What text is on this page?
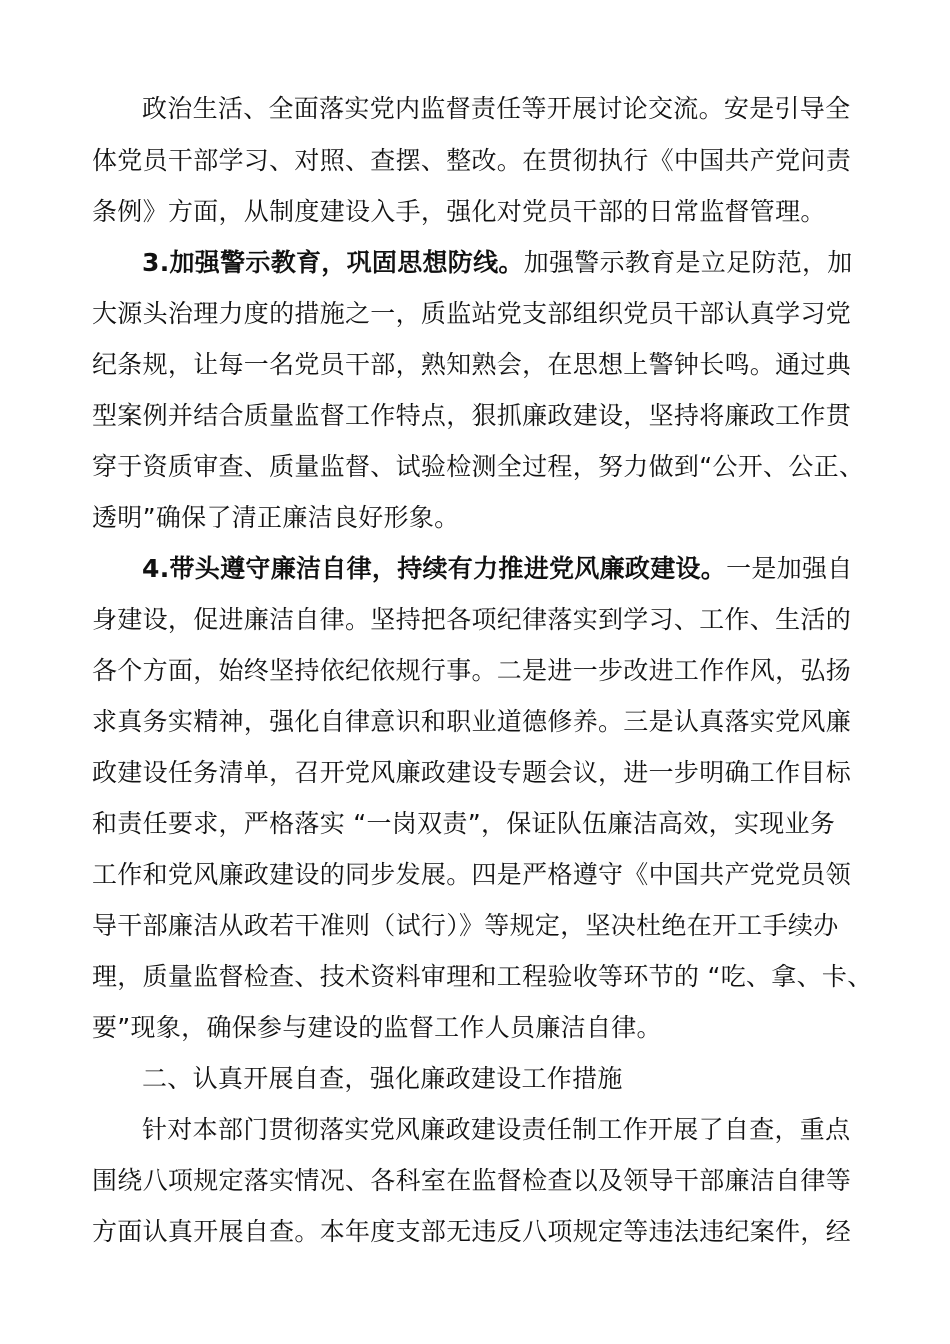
政治生活、全面落实党内监督责任等开展讨论交流。安是引导全
体党员干部学习、对照、查摆、整改。在贯彻执行《中国共产党问责
条例》方面，从制度建设入手，强化对党员干部的日常监督管理。
3.加强警示教育，巩固思想防线。加强警示教育是立足防范，加
大源头治理力度的措施之一，质监站党支部组织党员干部认真学习党
纪条规，让每一名党员干部，熟知熟会，在思想上警钟长鸣。通过典
型案例并结合质量监督工作特点，狠抓廉政建设，坚持将廉政工作贯
穿于资质审查、质量监督、试验检测全过程，努力做到“公开、公正、
透明”确保了清正廉洁良好形象。
4.带头遵守廉洁自律，持续有力推进党风廉政建设。一是加强自
身建设，促进廉洁自律。坚持把各项纪律落实到学习、工作、生活的
各个方面，始终坚持依纪依规行事。二是进一步改进工作作风，弘扬
求真务实精神，强化自律意识和职业道德修养。三是认真落实党风廉
政建设任务清单，召开党风廉政建设专题会议，进一步明确工作目标
和责任要求，严格落实 “一岗双责”，保证队伍廉洁高效，实现业务
工作和党风廉政建设的同步发展。四是严格遵守《中国共产党党员领
导干部廉洁从政若干准则（试行）》等规定，坚决杜绝在开工手续办
理，质量监督检查、技术资料审理和工程验收等环节的 “吃、拿、卡、
要”现象，确保参与建设的监督工作人员廉洁自律。
二、认真开展自查，强化廉政建设工作措施
针对本部门贯彻落实党风廉政建设责任制工作开展了自查，重点
围绕八项规定落实情况、各科室在监督检查以及领导干部廉洁自律等
方面认真开展自查。本年度支部无违反八项规定等违法违纪案件，经
